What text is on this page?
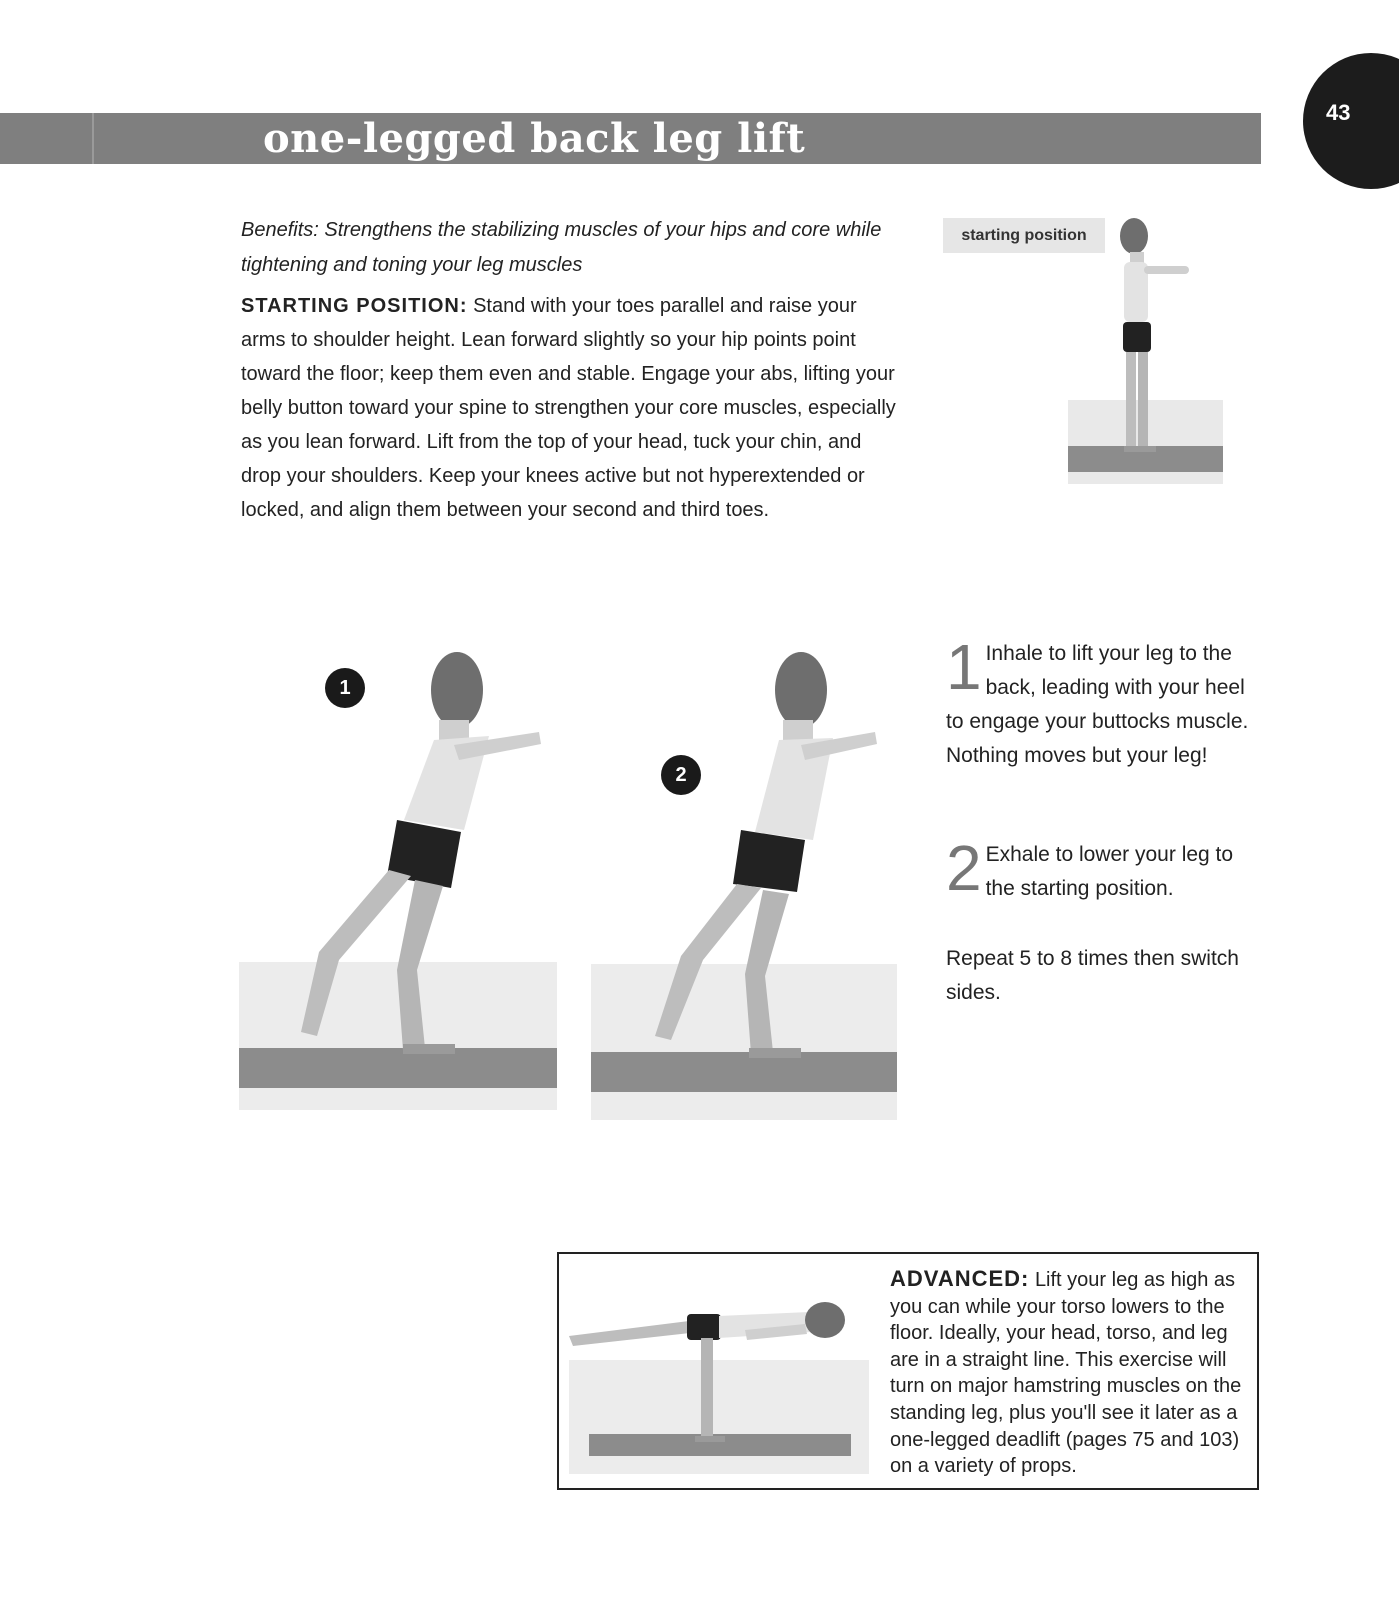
one-legged back leg lift
43
Benefits: Strengthens the stabilizing muscles of your hips and core while tightening and toning your leg muscles
STARTING POSITION: Stand with your toes parallel and raise your arms to shoulder height. Lean forward slightly so your hip points point toward the floor; keep them even and stable. Engage your abs, lifting your belly button toward your spine to strengthen your core muscles, especially as you lean forward. Lift from the top of your head, tuck your chin, and drop your shoulders. Keep your knees active but not hyperextended or locked, and align them between your second and third toes.
starting position
1
2
1 Inhale to lift your leg to the back, leading with your heel to engage your buttocks muscle. Nothing moves but your leg!
2 Exhale to lower your leg to the starting position.
Repeat 5 to 8 times then switch sides.
ADVANCED: Lift your leg as high as you can while your torso lowers to the floor. Ideally, your head, torso, and leg are in a straight line. This exercise will turn on major hamstring muscles on the standing leg, plus you'll see it later as a one-legged deadlift (pages 75 and 103) on a variety of props.
